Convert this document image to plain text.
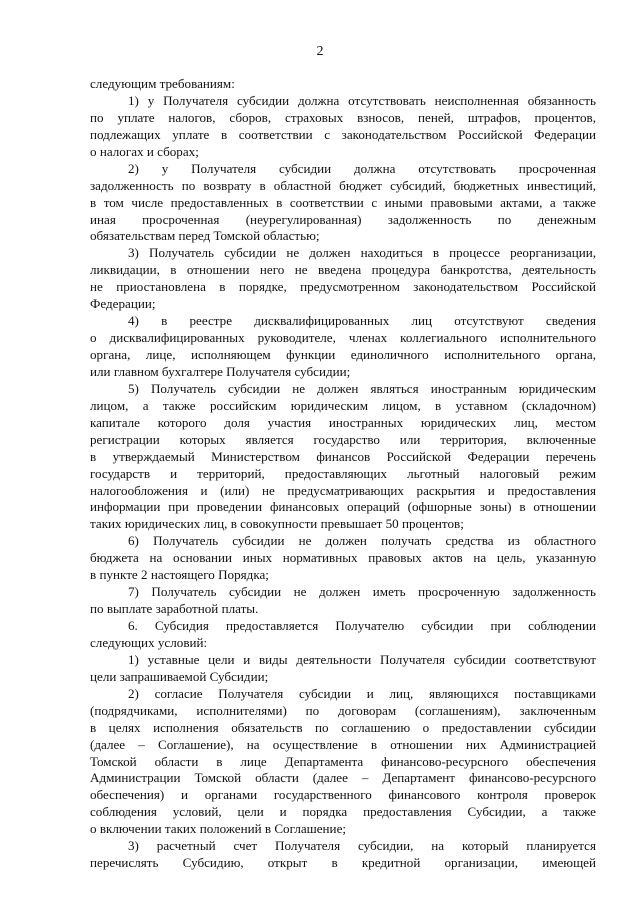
2
следующим требованиям:
1) у Получателя субсидии должна отсутствовать неисполненная обязанность
по уплате налогов, сборов, страховых взносов, пеней, штрафов, процентов,
подлежащих уплате в соответствии с законодательством Российской Федерации
о налогах и сборах;
2) у Получателя субсидии должна отсутствовать просроченная
задолженность по возврату в областной бюджет субсидий, бюджетных инвестиций,
в том числе предоставленных в соответствии с иными правовыми актами, а также
иная просроченная (неурегулированная) задолженность по денежным
обязательствам перед Томской областью;
3) Получатель субсидии не должен находиться в процессе реорганизации,
ликвидации, в отношении него не введена процедура банкротства, деятельность
не приостановлена в порядке, предусмотренном законодательством Российской
Федерации;
4) в реестре дисквалифицированных лиц отсутствуют сведения
о дисквалифицированных руководителе, членах коллегиального исполнительного
органа, лице, исполняющем функции единоличного исполнительного органа,
или главном бухгалтере Получателя субсидии;
5) Получатель субсидии не должен являться иностранным юридическим
лицом, а также российским юридическим лицом, в уставном (складочном)
капитале которого доля участия иностранных юридических лиц, местом
регистрации которых является государство или территория, включенные
в утверждаемый Министерством финансов Российской Федерации перечень
государств и территорий, предоставляющих льготный налоговый режим
налогообложения и (или) не предусматривающих раскрытия и предоставления
информации при проведении финансовых операций (офшорные зоны) в отношении
таких юридических лиц, в совокупности превышает 50 процентов;
6) Получатель субсидии не должен получать средства из областного
бюджета на основании иных нормативных правовых актов на цель, указанную
в пункте 2 настоящего Порядка;
7) Получатель субсидии не должен иметь просроченную задолженность
по выплате заработной платы.
6. Субсидия предоставляется Получателю субсидии при соблюдении
следующих условий:
1) уставные цели и виды деятельности Получателя субсидии соответствуют
цели запрашиваемой Субсидии;
2) согласие Получателя субсидии и лиц, являющихся поставщиками
(подрядчиками, исполнителями) по договорам (соглашениям), заключенным
в целях исполнения обязательств по соглашению о предоставлении субсидии
(далее – Соглашение), на осуществление в отношении них Администрацией
Томской области в лице Департамента финансово-ресурсного обеспечения
Администрации Томской области (далее – Департамент финансово-ресурсного
обеспечения) и органами государственного финансового контроля проверок
соблюдения условий, цели и порядка предоставления Субсидии, а также
о включении таких положений в Соглашение;
3) расчетный счет Получателя субсидии, на который планируется
перечислять Субсидию, открыт в кредитной организации, имеющей
